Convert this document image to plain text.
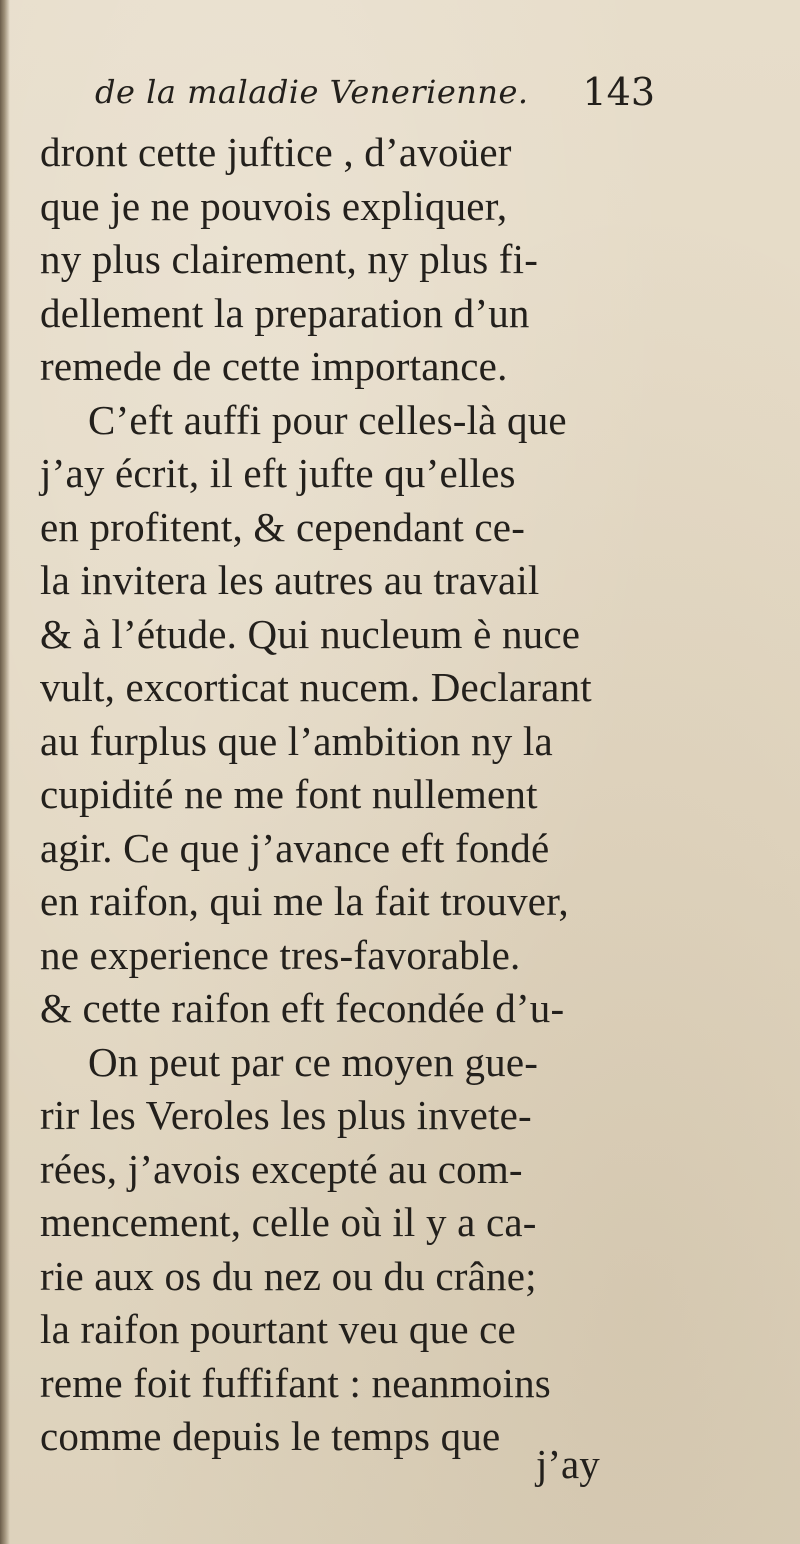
de la maladie Venerienne. 143
dront cette juftice , d’avoüer
que je ne pouvois expliquer,
ny plus clairement, ny plus fi-
dellement la preparation d’un
remede de cette importance.
C’eft auffi pour celles-là que
j’ay écrit, il eft jufte qu’elles
en profitent, & cependant ce-
la invitera les autres au travail
& à l’étude. Qui nucleum è nuce
vult, excorticat nucem. Declarant
au furplus que l’ambition ny la
cupidité ne me font nullement
agir. Ce que j’avance eft fondé
en raifon, qui me la fait trouver,
ne experience tres-favorable.
& cette raifon eft fecondée d’u-
On peut par ce moyen gue-
rir les Veroles les plus invete-
rées, j’avois excepté au com-
mencement, celle où il y a ca-
rie aux os du nez ou du crâne;
la raifon pourtant veu que ce
reme foit fuffifant : neanmoins
comme depuis le temps que
j’ay
